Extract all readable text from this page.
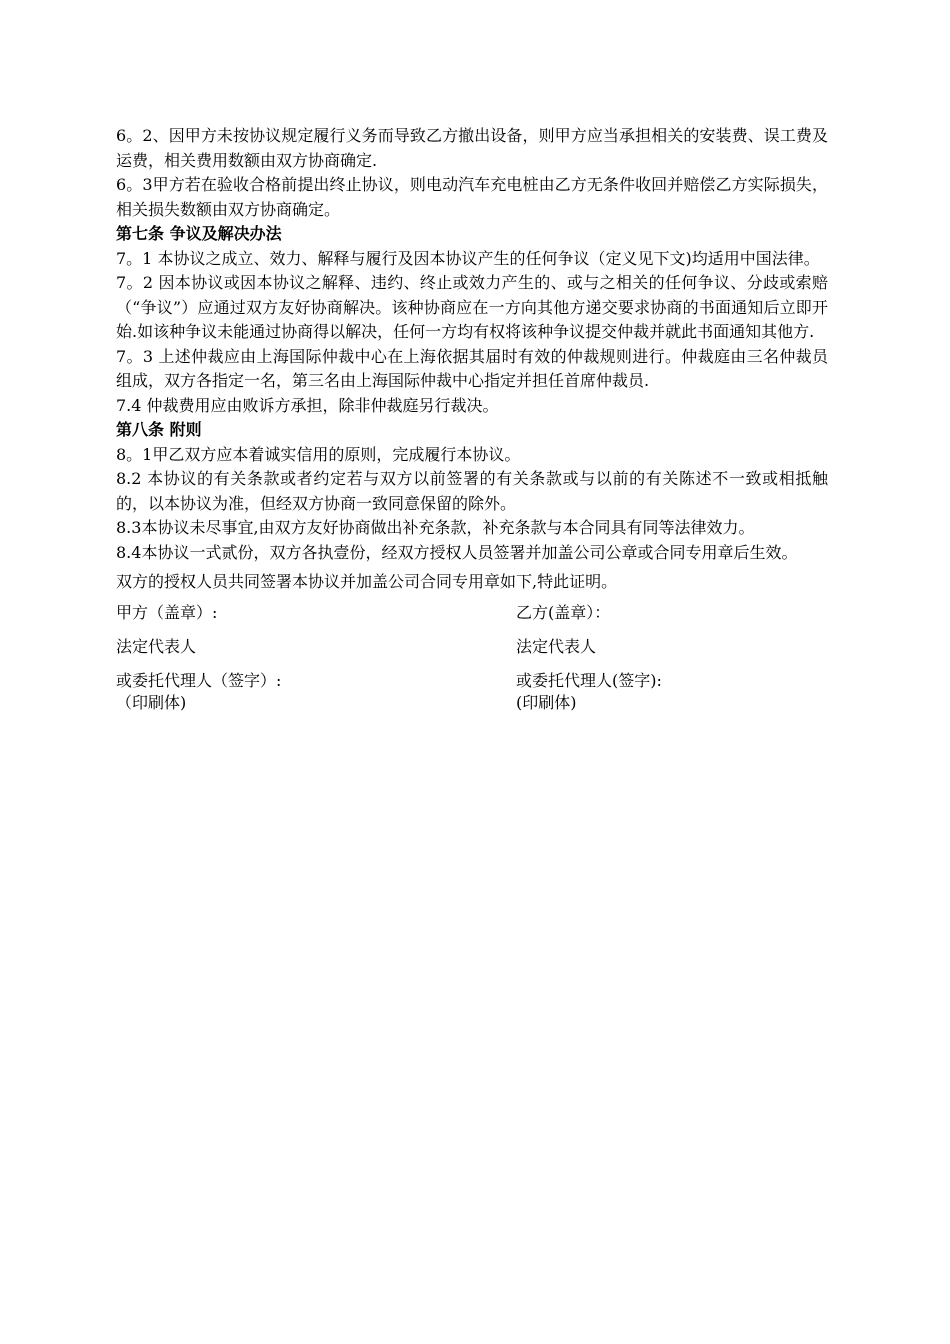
6。2、因甲方未按协议规定履行义务而导致乙方撤出设备，则甲方应当承担相关的安装费、误工费及运费，相关费用数额由双方协商确定.

6。3甲方若在验收合格前提出终止协议，则电动汽车充电桩由乙方无条件收回并赔偿乙方实际损失，相关损失数额由双方协商确定。

第七条 争议及解决办法

7。1 本协议之成立、效力、解释与履行及因本协议产生的任何争议（定义见下文)均适用中国法律。

7。2 因本协议或因本协议之解释、违约、终止或效力产生的、或与之相关的任何争议、分歧或索赔（“争议”）应通过双方友好协商解决。该种协商应在一方向其他方递交要求协商的书面通知后立即开始.如该种争议未能通过协商得以解决，任何一方均有权将该种争议提交仲裁并就此书面通知其他方.

7。3 上述仲裁应由上海国际仲裁中心在上海依据其届时有效的仲裁规则进行。仲裁庭由三名仲裁员组成，双方各指定一名，第三名由上海国际仲裁中心指定并担任首席仲裁员.

7.4 仲裁费用应由败诉方承担，除非仲裁庭另行裁决。

第八条 附则

8。1甲乙双方应本着诚实信用的原则，完成履行本协议。

8.2 本协议的有关条款或者约定若与双方以前签署的有关条款或与以前的有关陈述不一致或相抵触的，以本协议为准，但经双方协商一致同意保留的除外。

8.3本协议未尽事宜,由双方友好协商做出补充条款，补充条款与本合同具有同等法律效力。

8.4本协议一式贰份，双方各执壹份，经双方授权人员签署并加盖公司公章或合同专用章后生效。

双方的授权人员共同签署本协议并加盖公司合同专用章如下,特此证明。
甲方（盖章）:	乙方(盖章）：
法定代表人	法定代表人
或委托代理人（签字）:	或委托代理人(签字):
（印刷体)	(印刷体)
